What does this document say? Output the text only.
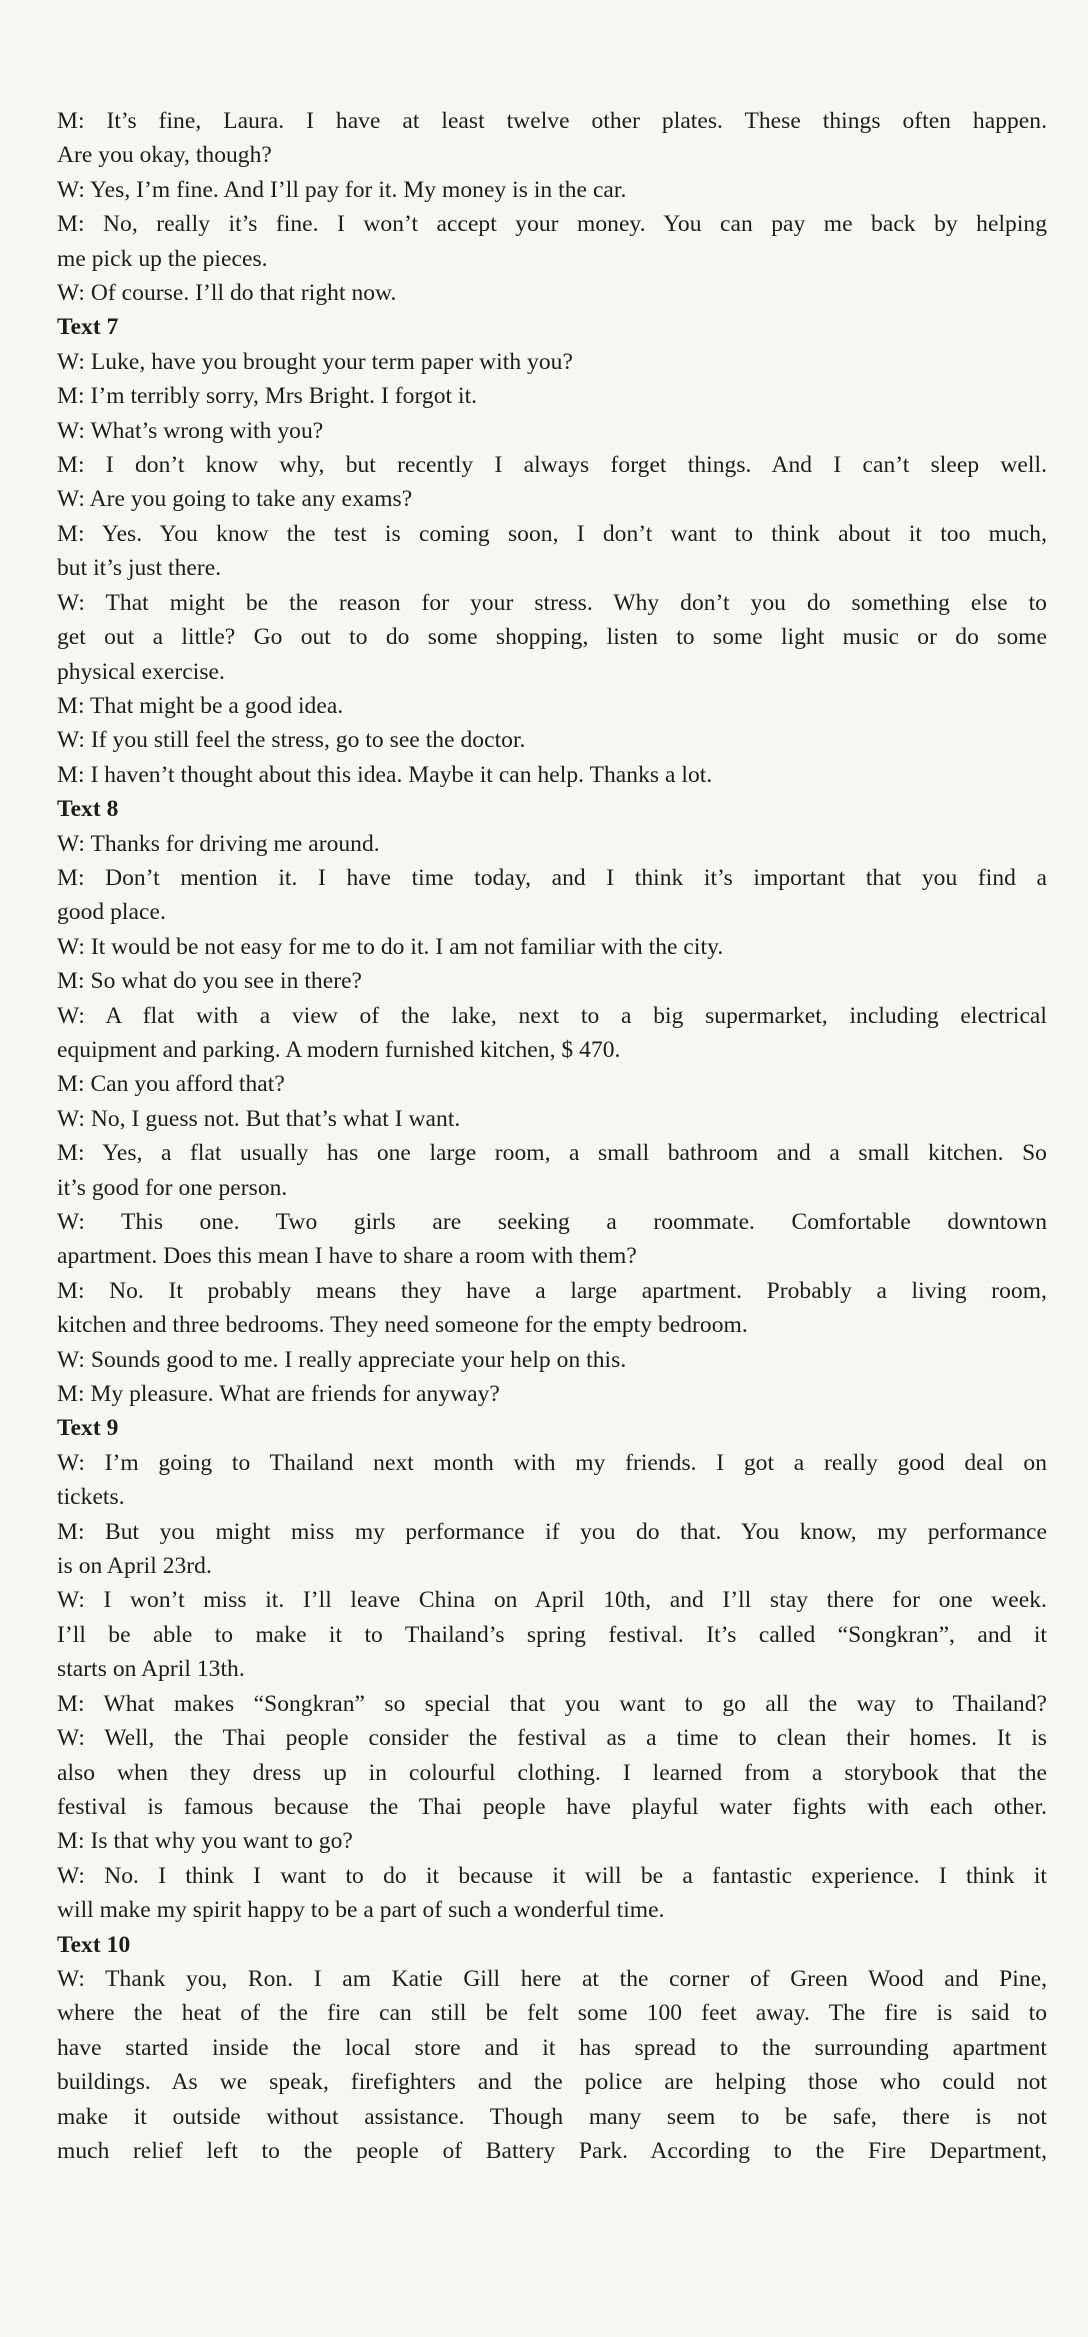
M: It’s fine, Laura. I have at least twelve other plates. These things often happen.
Are you okay, though?
W: Yes, I’m fine. And I’ll pay for it. My money is in the car.
M: No, really it’s fine. I won’t accept your money. You can pay me back by helping
me pick up the pieces.
W: Of course. I’ll do that right now.
Text 7
W: Luke, have you brought your term paper with you?
M: I’m terribly sorry, Mrs Bright. I forgot it.
W: What’s wrong with you?
M: I don’t know why, but recently I always forget things. And I can’t sleep well.
W: Are you going to take any exams?
M: Yes. You know the test is coming soon, I don’t want to think about it too much,
but it’s just there.
W: That might be the reason for your stress. Why don’t you do something else to
get out a little? Go out to do some shopping, listen to some light music or do some
physical exercise.
M: That might be a good idea.
W: If you still feel the stress, go to see the doctor.
M: I haven’t thought about this idea. Maybe it can help. Thanks a lot.
Text 8
W: Thanks for driving me around.
M: Don’t mention it. I have time today, and I think it’s important that you find a
good place.
W: It would be not easy for me to do it. I am not familiar with the city.
M: So what do you see in there?
W: A flat with a view of the lake, next to a big supermarket, including electrical
equipment and parking. A modern furnished kitchen, $ 470.
M: Can you afford that?
W: No, I guess not. But that’s what I want.
M: Yes, a flat usually has one large room, a small bathroom and a small kitchen. So
it’s good for one person.
W: This one. Two girls are seeking a roommate. Comfortable downtown
apartment. Does this mean I have to share a room with them?
M: No. It probably means they have a large apartment. Probably a living room,
kitchen and three bedrooms. They need someone for the empty bedroom.
W: Sounds good to me. I really appreciate your help on this.
M: My pleasure. What are friends for anyway?
Text 9
W: I’m going to Thailand next month with my friends. I got a really good deal on
tickets.
M: But you might miss my performance if you do that. You know, my performance
is on April 23rd.
W: I won’t miss it. I’ll leave China on April 10th, and I’ll stay there for one week.
I’ll be able to make it to Thailand’s spring festival. It’s called “Songkran”, and it
starts on April 13th.
M: What makes “Songkran” so special that you want to go all the way to Thailand?
W: Well, the Thai people consider the festival as a time to clean their homes. It is
also when they dress up in colourful clothing. I learned from a storybook that the
festival is famous because the Thai people have playful water fights with each other.
M: Is that why you want to go?
W: No. I think I want to do it because it will be a fantastic experience. I think it
will make my spirit happy to be a part of such a wonderful time.
Text 10
W: Thank you, Ron. I am Katie Gill here at the corner of Green Wood and Pine,
where the heat of the fire can still be felt some 100 feet away. The fire is said to
have started inside the local store and it has spread to the surrounding apartment
buildings. As we speak, firefighters and the police are helping those who could not
make it outside without assistance. Though many seem to be safe, there is not
much relief left to the people of Battery Park. According to the Fire Department,
